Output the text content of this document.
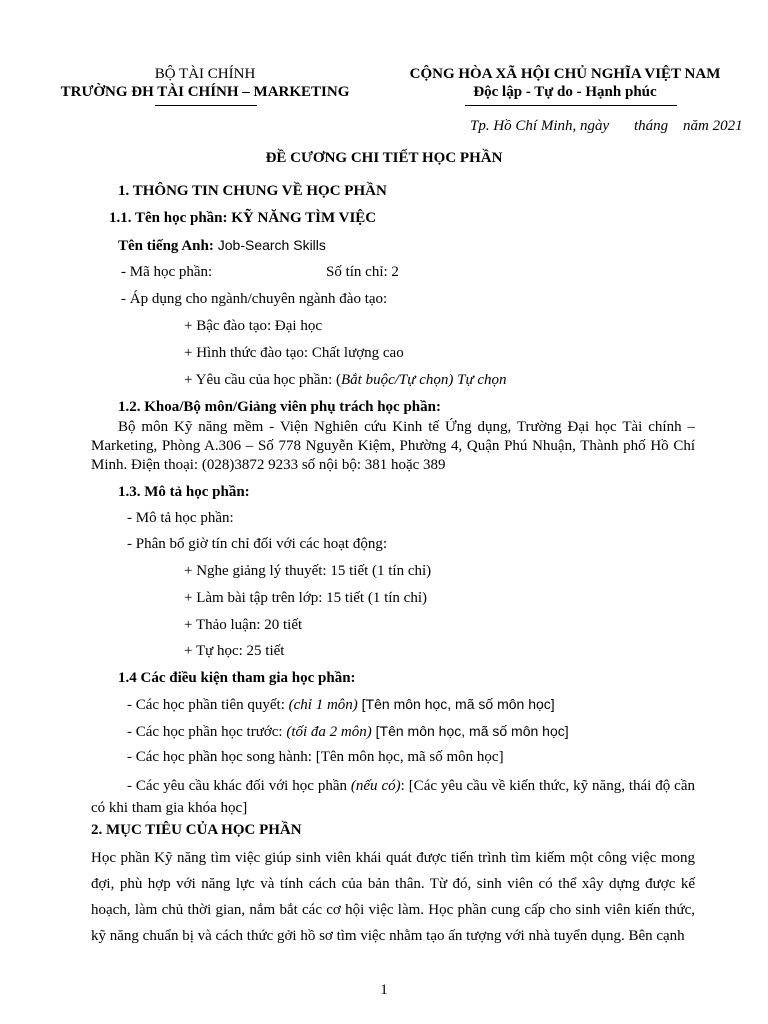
BỘ TÀI CHÍNH
TRƯỜNG ĐH TÀI CHÍNH – MARKETING
CỘNG HÒA XÃ HỘI CHỦ NGHĨA VIỆT NAM
Độc lập - Tự do - Hạnh phúc
Tp. Hồ Chí Minh, ngày tháng năm 2021
ĐỀ CƯƠNG CHI TIẾT HỌC PHẦN
1. THÔNG TIN CHUNG VỀ HỌC PHẦN
1.1. Tên học phần: KỸ NĂNG TÌM VIỆC
Tên tiếng Anh: Job-Search Skills
- Mã học phần:	Số tín chỉ: 2
- Áp dụng cho ngành/chuyên ngành đào tạo:
+ Bậc đào tạo: Đại học
+ Hình thức đào tạo: Chất lượng cao
+ Yêu cầu của học phần: (Bắt buộc/Tự chọn) Tự chọn
1.2. Khoa/Bộ môn/Giảng viên phụ trách học phần:
Bộ môn Kỹ năng mềm - Viện Nghiên cứu Kinh tế Ứng dụng, Trường Đại học Tài chính – Marketing, Phòng A.306 – Số 778 Nguyễn Kiệm, Phường 4, Quận Phú Nhuận, Thành phố Hồ Chí Minh. Điện thoại: (028)3872 9233 số nội bộ: 381 hoặc 389
1.3. Mô tả học phần:
- Mô tả học phần:
- Phân bổ giờ tín chỉ đối với các hoạt động:
+ Nghe giảng lý thuyết: 15 tiết (1 tín chỉ)
+ Làm bài tập trên lớp: 15 tiết (1 tín chỉ)
+ Thảo luận: 20 tiết
+ Tự học: 25 tiết
1.4 Các điều kiện tham gia học phần:
- Các học phần tiên quyết: (chỉ 1 môn) [Tên môn học, mã số môn học]
- Các học phần học trước: (tối đa 2 môn) [Tên môn học, mã số môn học]
- Các học phần học song hành: [Tên môn học, mã số môn học]
- Các yêu cầu khác đối với học phần (nếu có): [Các yêu cầu về kiến thức, kỹ năng, thái độ cần có khi tham gia khóa học]
2. MỤC TIÊU CỦA HỌC PHẦN
Học phần Kỹ năng tìm việc giúp sinh viên khái quát được tiến trình tìm kiếm một công việc mong đợi, phù hợp với năng lực và tính cách của bản thân. Từ đó, sinh viên có thể xây dựng được kế hoạch, làm chủ thời gian, nắm bắt các cơ hội việc làm. Học phần cung cấp cho sinh viên kiến thức, kỹ năng chuẩn bị và cách thức gởi hồ sơ tìm việc nhằm tạo ấn tượng với nhà tuyển dụng. Bên cạnh
1
